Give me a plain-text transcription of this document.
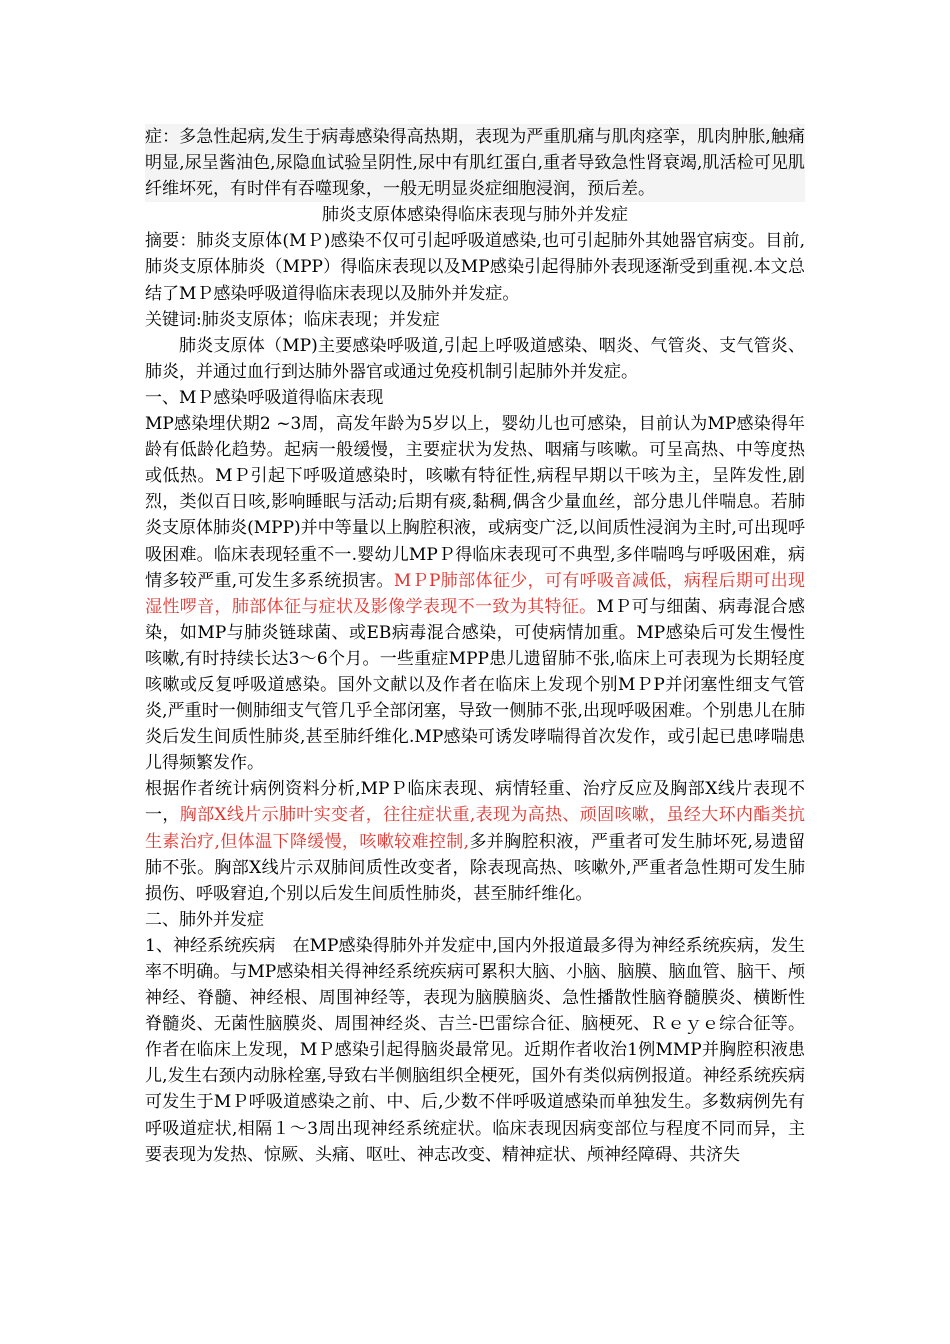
症：多急性起病,发生于病毒感染得高热期，表现为严重肌痛与肌肉痉挛，肌肉肿胀,触痛明显,尿呈酱油色,尿隐血试验呈阴性,尿中有肌红蛋白,重者导致急性肾衰竭,肌活检可见肌纤维坏死，有时伴有吞噬现象，一般无明显炎症细胞浸润，预后差。

肺炎支原体感染得临床表现与肺外并发症

摘要：肺炎支原体(MＰ)感染不仅可引起呼吸道感染,也可引起肺外其她器官病变。目前,肺炎支原体肺炎（MPP）得临床表现以及MP感染引起得肺外表现逐渐受到重视.本文总结了MＰ感染呼吸道得临床表现以及肺外并发症。

关键词:肺炎支原体；临床表现；并发症

肺炎支原体（MP)主要感染呼吸道,引起上呼吸道感染、咽炎、气管炎、支气管炎、肺炎，并通过血行到达肺外器官或通过免疫机制引起肺外并发症。

一、MＰ感染呼吸道得临床表现

MP感染埋伏期2 ~3周，高发年龄为5岁以上，婴幼儿也可感染，目前认为MP感染得年龄有低龄化趋势。起病一般缓慢，主要症状为发热、咽痛与咳嗽。可呈高热、中等度热或低热。MＰ引起下呼吸道感染时，咳嗽有特征性,病程早期以干咳为主，呈阵发性,剧烈，类似百日咳,影响睡眠与活动;后期有痰,黏稠,偶含少量血丝，部分患儿伴喘息。若肺炎支原体肺炎(MPP)并中等量以上胸腔积液，或病变广泛,以间质性浸润为主时,可出现呼吸困难。临床表现轻重不一.婴幼儿MPＰ得临床表现可不典型,多伴喘鸣与呼吸困难，病情多较严重,可发生多系统损害。MＰP肺部体征少，可有呼吸音减低，病程后期可出现湿性啰音，肺部体征与症状及影像学表现不一致为其特征。MＰ可与细菌、病毒混合感染，如MP与肺炎链球菌、或EB病毒混合感染，可使病情加重。MP感染后可发生慢性咳嗽,有时持续长达3～6个月。一些重症MPP患儿遗留肺不张,临床上可表现为长期轻度咳嗽或反复呼吸道感染。国外文献以及作者在临床上发现个别MＰP并闭塞性细支气管炎,严重时一侧肺细支气管几乎全部闭塞，导致一侧肺不张,出现呼吸困难。个别患儿在肺炎后发生间质性肺炎,甚至肺纤维化.MP感染可诱发哮喘得首次发作，或引起已患哮喘患儿得频繁发作。

根据作者统计病例资料分析,MPＰ临床表现、病情轻重、治疗反应及胸部X线片表现不一，胸部X线片示肺叶实变者，往往症状重,表现为高热、顽固咳嗽，虽经大环内酯类抗生素治疗,但体温下降缓慢，咳嗽较难控制,多并胸腔积液，严重者可发生肺坏死,易遗留肺不张。胸部X线片示双肺间质性改变者，除表现高热、咳嗽外,严重者急性期可发生肺损伤、呼吸窘迫,个别以后发生间质性肺炎，甚至肺纤维化。

二、肺外并发症

1、神经系统疾病　在MP感染得肺外并发症中,国内外报道最多得为神经系统疾病，发生率不明确。与MP感染相关得神经系统疾病可累积大脑、小脑、脑膜、脑血管、脑干、颅神经、脊髓、神经根、周围神经等，表现为脑膜脑炎、急性播散性脑脊髓膜炎、横断性脊髓炎、无菌性脑膜炎、周围神经炎、吉兰-巴雷综合征、脑梗死、Ｒｅｙｅ综合征等。作者在临床上发现，MＰ感染引起得脑炎最常见。近期作者收治1例MMP并胸腔积液患儿,发生右颈内动脉栓塞,导致右半侧脑组织全梗死，国外有类似病例报道。神经系统疾病可发生于MＰ呼吸道感染之前、中、后,少数不伴呼吸道感染而单独发生。多数病例先有呼吸道症状,相隔１～3周出现神经系统症状。临床表现因病变部位与程度不同而异，主要表现为发热、惊厥、头痛、呕吐、神志改变、精神症状、颅神经障碍、共济失
